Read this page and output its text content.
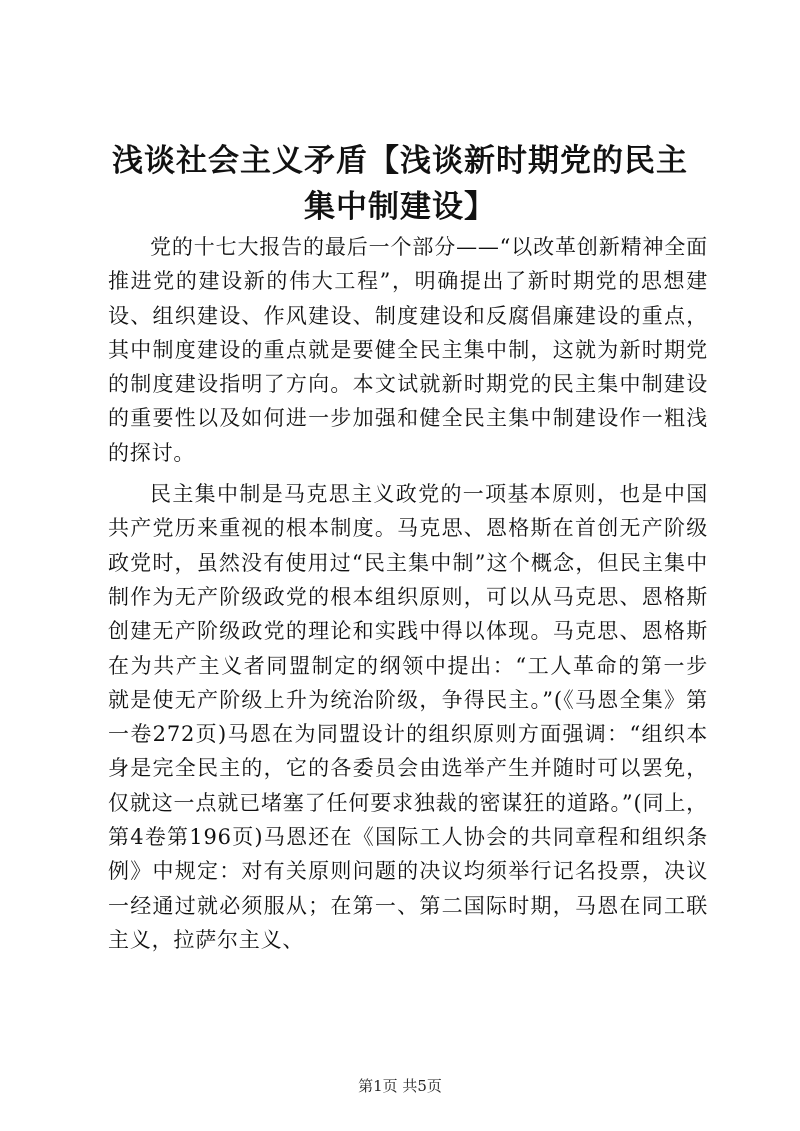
浅谈社会主义矛盾【浅谈新时期党的民主集中制建设】

党的十七大报告的最后一个部分——“以改革创新精神全面推进党的建设新的伟大工程”，明确提出了新时期党的思想建设、组织建设、作风建设、制度建设和反腐倡廉建设的重点，其中制度建设的重点就是要健全民主集中制，这就为新时期党的制度建设指明了方向。本文试就新时期党的民主集中制建设的重要性以及如何进一步加强和健全民主集中制建设作一粗浅的探讨。

民主集中制是马克思主义政党的一项基本原则，也是中国共产党历来重视的根本制度。马克思、恩格斯在首创无产阶级政党时，虽然没有使用过“民主集中制”这个概念，但民主集中制作为无产阶级政党的根本组织原则，可以从马克思、恩格斯创建无产阶级政党的理论和实践中得以体现。马克思、恩格斯在为共产主义者同盟制定的纲领中提出：“工人革命的第一步就是使无产阶级上升为统治阶级，争得民主。”(《马恩全集》第一卷272页)马恩在为同盟设计的组织原则方面强调：“组织本身是完全民主的，它的各委员会由选举产生并随时可以罢免，仅就这一点就已堵塞了任何要求独裁的密谋狂的道路。”(同上，第4卷第196页)马恩还在《国际工人协会的共同章程和组织条例》中规定：对有关原则问题的决议均须举行记名投票，决议一经通过就必须服从；在第一、第二国际时期，马恩在同工联主义，拉萨尔主义、

第1页 共5页
